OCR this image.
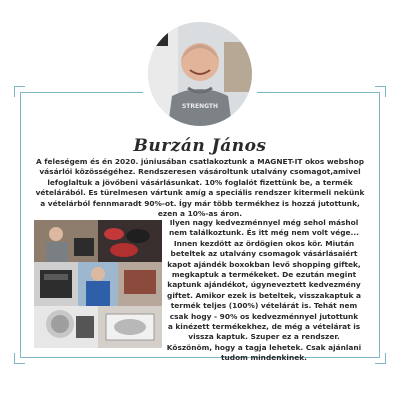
STRENGTH
Burzán János
A feleségem és én 2020. júniusában csatlakoztunk a MAGNET-IT okos webshop vásárlói közösségéhez. Rendszeresen vásároltunk utalvány csomagot,amivel lefoglaltuk a jövőbeni vásárlásunkat. 10% foglalót fizettünk be, a termék vételárából. Es türelmesen vártunk amíg a speciális rendszer kitermeli nekünk a vételárból fennmaradt 90%-ot. Így már több termékhez is hozzá jutottunk, ezen a 10%-as áron.
Ilyen nagy kedvezménnyel még sehol máshol nem találkoztunk. És itt még nem volt vége... Innen kezdött az ördögien okos kör. Miután beteltek az utalvány csomagok vásárlásaiért kapot ajándék boxokban levő shopping giftek, megkaptuk a termékeket. De ezután megint kaptunk ajándékot, úgyneveztett kedvezmény giftet. Amikor ezek is beteltek, visszakaptuk a termék teljes (100%) vételárát is. Tehát nem csak hogy - 90% os kedvezménnyel jutottunk a kinézett termékekhez, de még a vételárat is vissza kaptuk. Szuper ez a rendszer. Köszönöm, hogy a tagja lehetek. Csak ajánlani tudom mindenkinek.
